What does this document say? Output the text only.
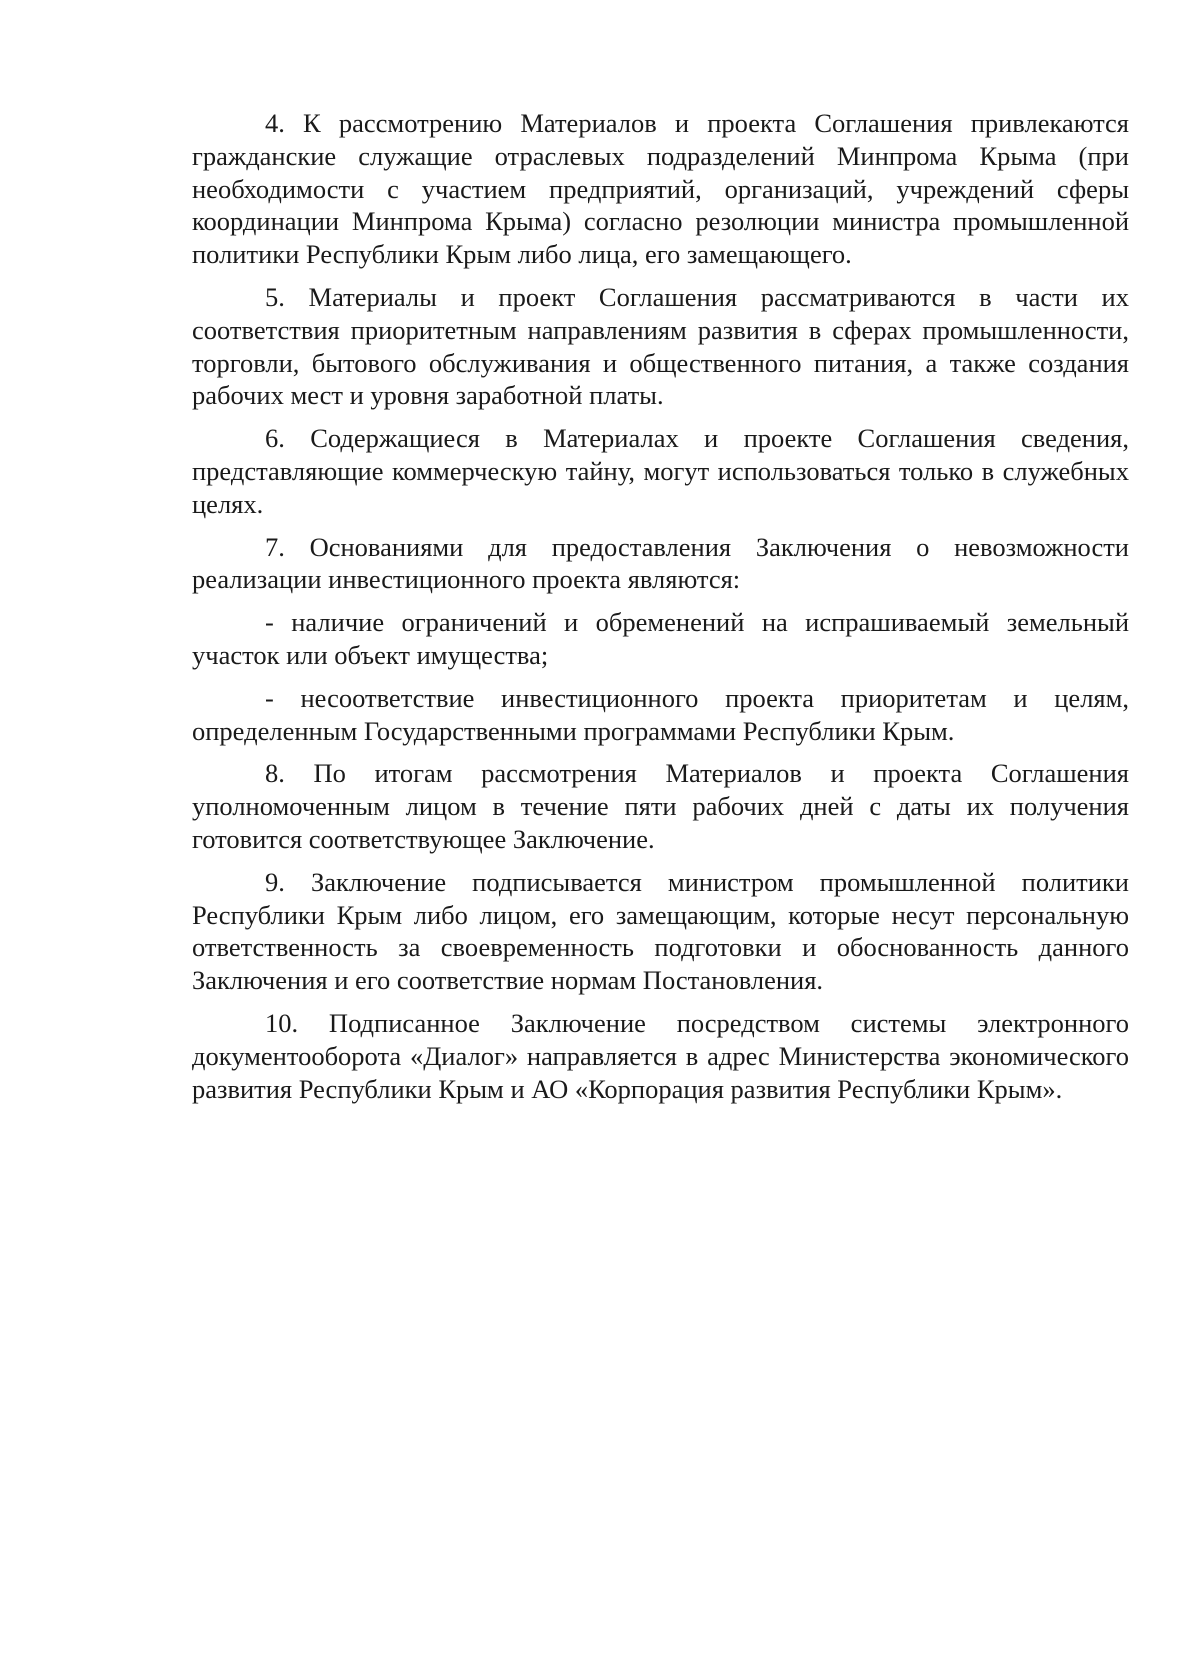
4. К рассмотрению Материалов и проекта Соглашения привлекаются гражданские служащие отраслевых подразделений Минпрома Крыма (при необходимости с участием предприятий, организаций, учреждений сферы координации Минпрома Крыма) согласно резолюции министра промышленной политики Республики Крым либо лица, его замещающего.

5. Материалы и проект Соглашения рассматриваются в части их соответствия приоритетным направлениям развития в сферах промышленности, торговли, бытового обслуживания и общественного питания, а также создания рабочих мест и уровня заработной платы.

6. Содержащиеся в Материалах и проекте Соглашения сведения, представляющие коммерческую тайну, могут использоваться только в служебных целях.

7. Основаниями для предоставления Заключения о невозможности реализации инвестиционного проекта являются:

- наличие ограничений и обременений на испрашиваемый земельный участок или объект имущества;

- несоответствие инвестиционного проекта приоритетам и целям, определенным Государственными программами Республики Крым.

8. По итогам рассмотрения Материалов и проекта Соглашения уполномоченным лицом в течение пяти рабочих дней с даты их получения готовится соответствующее Заключение.

9. Заключение подписывается министром промышленной политики Республики Крым либо лицом, его замещающим, которые несут персональную ответственность за своевременность подготовки и обоснованность данного Заключения и его соответствие нормам Постановления.

10. Подписанное Заключение посредством системы электронного документооборота «Диалог» направляется в адрес Министерства экономического развития Республики Крым и АО «Корпорация развития Республики Крым».
